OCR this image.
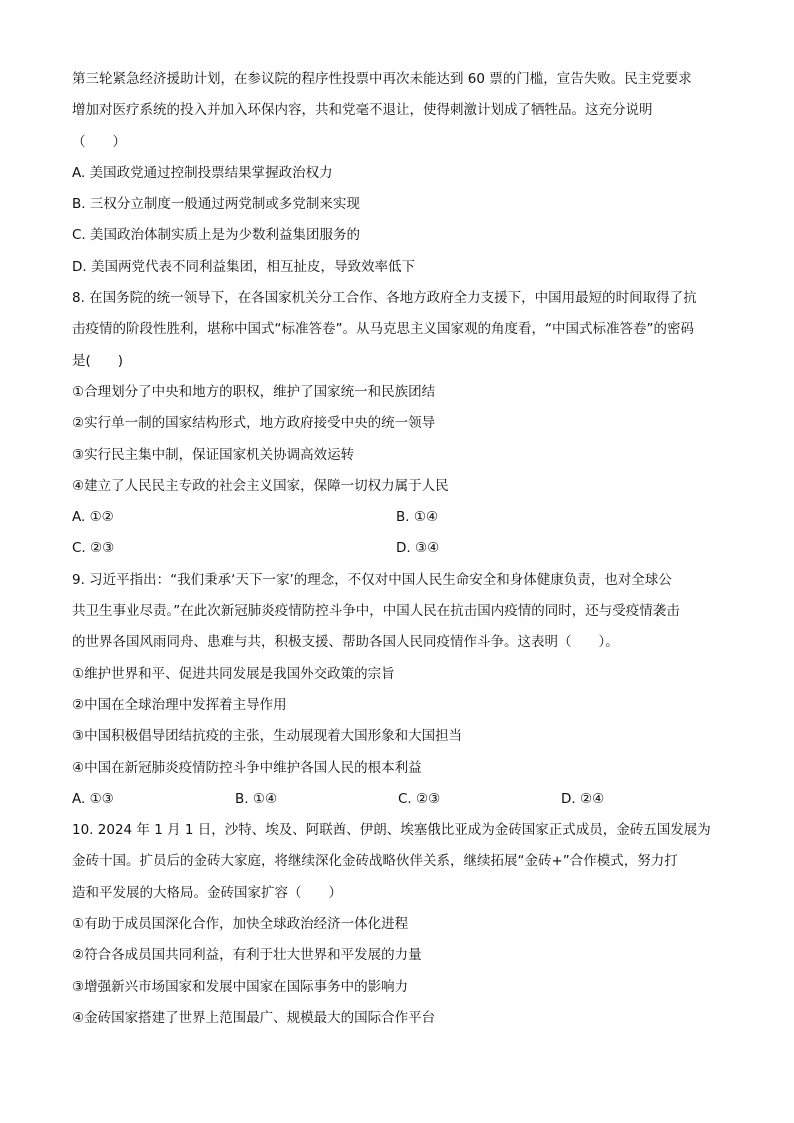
第三轮紧急经济援助计划，在参议院的程序性投票中再次未能达到 60 票的门槛，宣告失败。民主党要求
增加对医疗系统的投入并加入环保内容，共和党毫不退让，使得刺激计划成了牺牲品。这充分说明
（　　）
A. 美国政党通过控制投票结果掌握政治权力
B. 三权分立制度一般通过两党制或多党制来实现
C. 美国政治体制实质上是为少数利益集团服务的
D. 美国两党代表不同利益集团，相互扯皮，导致效率低下
8. 在国务院的统一领导下，在各国家机关分工合作、各地方政府全力支援下，中国用最短的时间取得了抗
击疫情的阶段性胜利，堪称中国式“标准答卷”。从马克思主义国家观的角度看，“中国式标准答卷”的密码
是(　　)
①合理划分了中央和地方的职权，维护了国家统一和民族团结
②实行单一制的国家结构形式，地方政府接受中央的统一领导
③实行民主集中制，保证国家机关协调高效运转
④建立了人民民主专政的社会主义国家，保障一切权力属于人民
A. ①②	B. ①④
C. ②③	D. ③④
9. 习近平指出：“我们秉承‘天下一家’的理念，不仅对中国人民生命安全和身体健康负责，也对全球公
共卫生事业尽责。”在此次新冠肺炎疫情防控斗争中，中国人民在抗击国内疫情的同时，还与受疫情袭击
的世界各国风雨同舟、患难与共，积极支援、帮助各国人民同疫情作斗争。这表明（　　）。
①维护世界和平、促进共同发展是我国外交政策的宗旨
②中国在全球治理中发挥着主导作用
③中国积极倡导团结抗疫的主张，生动展现着大国形象和大国担当
④中国在新冠肺炎疫情防控斗争中维护各国人民的根本利益
A. ①③	B. ①④	C. ②③	D. ②④
10. 2024 年 1 月 1 日，沙特、埃及、阿联酋、伊朗、埃塞俄比亚成为金砖国家正式成员，金砖五国发展为
金砖十国。扩员后的金砖大家庭，将继续深化金砖战略伙伴关系，继续拓展“金砖+”合作模式，努力打
造和平发展的大格局。金砖国家扩容（　　）
①有助于成员国深化合作，加快全球政治经济一体化进程
②符合各成员国共同利益，有利于壮大世界和平发展的力量
③增强新兴市场国家和发展中国家在国际事务中的影响力
④金砖国家搭建了世界上范围最广、规模最大的国际合作平台
